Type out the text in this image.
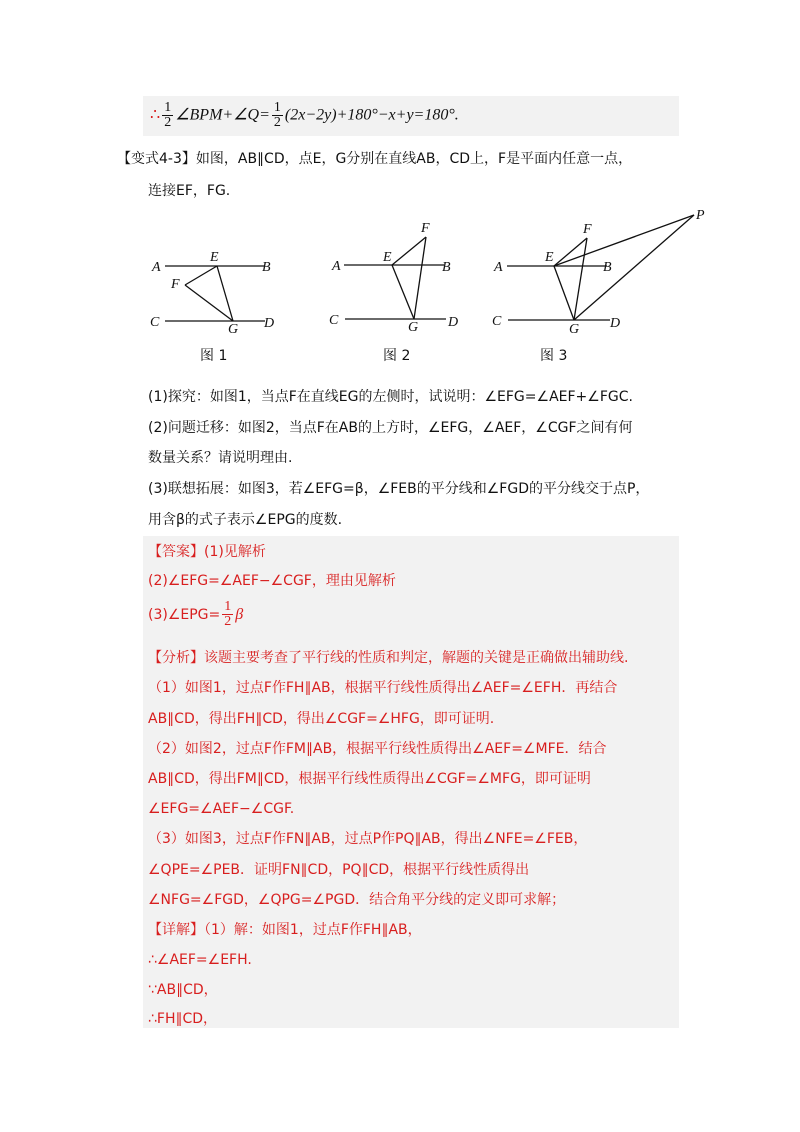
∴ $\frac{1}{2}$ ∠BPM+∠Q= $\frac{1}{2} (2x-2y)+180^\circ-x+y=180^\circ$.
【变式4-3】如图，AB∥CD，点E，G分别在直线AB，CD上，F是平面内任意一点，
连接EF，FG.
A	B
E
F
C	D
G
F
A
E
B
C	D
G
F
P
A
E
B
C	D
G
图 1	图 2	图 3
(1)探究：如图1，当点F在直线EG的左侧时，试说明：∠EFG=∠AEF+∠FGC.
(2)问题迁移：如图2，当点F在AB的上方时，∠EFG，∠AEF，∠CGF之间有何
数量关系？请说明理由.
(3)联想拓展：如图3，若∠EFG=β，∠FEB的平分线和∠FGD的平分线交于点P，
用含β的式子表示∠EPG的度数.
【答案】(1)见解析
(2)∠EFG=∠AEF−∠CGF，理由见解析
(3)∠EPG= $\frac{1}{2}$ β
【分析】该题主要考查了平行线的性质和判定，解题的关键是正确做出辅助线.
（1）如图1，过点F作FH∥AB，根据平行线性质得出∠AEF=∠EFH．再结合
AB∥CD，得出FH∥CD，得出∠CGF=∠HFG，即可证明.
（2）如图2，过点F作FM∥AB，根据平行线性质得出∠AEF=∠MFE．结合
AB∥CD，得出FM∥CD，根据平行线性质得出∠CGF=∠MFG，即可证明
∠EFG=∠AEF−∠CGF.
（3）如图3，过点F作FN∥AB，过点P作PQ∥AB，得出∠NFE=∠FEB，
∠QPE=∠PEB．证明FN∥CD，PQ∥CD，根据平行线性质得出
∠NFG=∠FGD，∠QPG=∠PGD．结合角平分线的定义即可求解；
【详解】（1）解：如图1，过点F作FH∥AB，
∴∠AEF=∠EFH.
∵AB∥CD，
∴FH∥CD，
